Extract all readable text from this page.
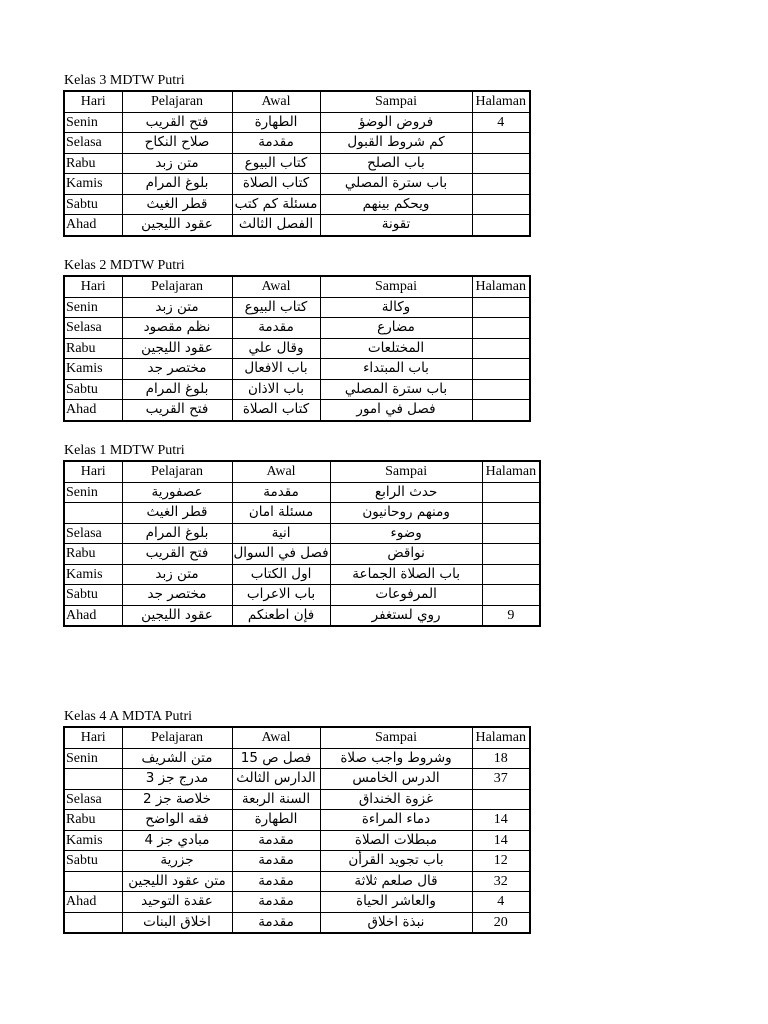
Kelas 3 MDTW Putri
Hari	Pelajaran	Awal	Sampai	Halaman
Senin	فتح القريب	الطهارة	فروض الوضؤ	4
Selasa	صلاح النكاح	مقدمة	كم شروط القبول	
Rabu	متن زبد	كتاب البيوع	باب الصلح	
Kamis	بلوغ المرام	كتاب الصلاة	باب سترة المصلي	
Sabtu	قطر الغيث	مسئلة كم كتب	ويحكم بينهم	
Ahad	عقود الليجين	الفصل الثالث	تقونة	
Kelas 2 MDTW Putri
Hari	Pelajaran	Awal	Sampai	Halaman
Senin	متن زبد	كتاب البيوع	وكالة	
Selasa	نظم مقصود	مقدمة	مضارع	
Rabu	عقود الليجين	وقال علي	المختلعات	
Kamis	مختصر جد	باب الافعال	باب المبتداء	
Sabtu	بلوغ المرام	باب الاذان	باب سترة المصلي	
Ahad	فتح القريب	كتاب الصلاة	فصل في امور	
Kelas 1 MDTW Putri
Hari	Pelajaran	Awal	Sampai	Halaman
Senin	عصفورية	مقدمة	حدث الرابع	
	قطر الغيث	مسئلة امان	ومنهم روحانيون	
Selasa	بلوغ المرام	انية	وضوء	
Rabu	فتح القريب	فصل في السوال	نواقض	
Kamis	متن زبد	اول الكتاب	باب الصلاة الجماعة	
Sabtu	مختصر جد	باب الاعراب	المرفوعات	
Ahad	عقود الليجين	فإن اطعنكم	روي لستغفر	9
Kelas 4 A MDTA Putri
Hari	Pelajaran	Awal	Sampai	Halaman
Senin	متن الشريف	فصل ص 15	وشروط واجب صلاة	18
	مدرج جز 3	الدارس الثالث	الدرس الخامس	37
Selasa	خلاصة جز 2	السنة الربعة	غزوة الخنداق	
Rabu	فقه الواضح	الطهارة	دماء المراءة	14
Kamis	مبادي جز 4	مقدمة	مبطلات الصلاة	14
Sabtu	جزرية	مقدمة	باب تجويد القرأن	12
	متن عقود الليجين	مقدمة	قال صلعم ثلاثة	32
Ahad	عقدة التوحيد	مقدمة	والعاشر الحياة	4
	اخلاق البنات	مقدمة	نبذة اخلاق	20
